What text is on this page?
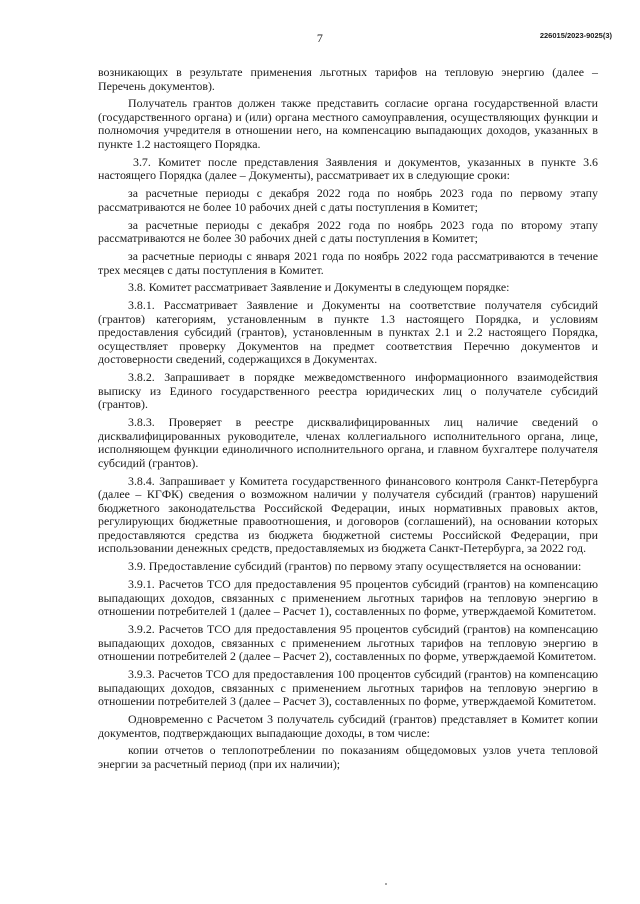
7	226015/2023-9025(3)

возникающих в результате применения льготных тарифов на тепловую энергию (далее – Перечень документов).

Получатель грантов должен также представить согласие органа государственной власти (государственного органа) и (или) органа местного самоуправления, осуществляющих функции и полномочия учредителя в отношении него, на компенсацию выпадающих доходов, указанных в пункте 1.2 настоящего Порядка.

3.7. Комитет после представления Заявления и документов, указанных в пункте 3.6 настоящего Порядка (далее – Документы), рассматривает их в следующие сроки:

за расчетные периоды с декабря 2022 года по ноябрь 2023 года по первому этапу рассматриваются не более 10 рабочих дней с даты поступления в Комитет;

за расчетные периоды с декабря 2022 года по ноябрь 2023 года по второму этапу рассматриваются не более 30 рабочих дней с даты поступления в Комитет;

за расчетные периоды с января 2021 года по ноябрь 2022 года рассматриваются в течение трех месяцев с даты поступления в Комитет.

3.8. Комитет рассматривает Заявление и Документы в следующем порядке:

3.8.1. Рассматривает Заявление и Документы на соответствие получателя субсидий (грантов) категориям, установленным в пункте 1.3 настоящего Порядка, и условиям предоставления субсидий (грантов), установленным в пунктах 2.1 и 2.2 настоящего Порядка, осуществляет проверку Документов на предмет соответствия Перечню документов и достоверности сведений, содержащихся в Документах.

3.8.2. Запрашивает в порядке межведомственного информационного взаимодействия выписку из Единого государственного реестра юридических лиц о получателе субсидий (грантов).

3.8.3. Проверяет в реестре дисквалифицированных лиц наличие сведений о дисквалифицированных руководителе, членах коллегиального исполнительного органа, лице, исполняющем функции единоличного исполнительного органа, и главном бухгалтере получателя субсидий (грантов).

3.8.4. Запрашивает у Комитета государственного финансового контроля Санкт-Петербурга (далее – КГФК) сведения о возможном наличии у получателя субсидий (грантов) нарушений бюджетного законодательства Российской Федерации, иных нормативных правовых актов, регулирующих бюджетные правоотношения, и договоров (соглашений), на основании которых предоставляются средства из бюджета бюджетной системы Российской Федерации, при использовании денежных средств, предоставляемых из бюджета Санкт-Петербурга, за 2022 год.

3.9. Предоставление субсидий (грантов) по первому этапу осуществляется на основании:

3.9.1. Расчетов ТСО для предоставления 95 процентов субсидий (грантов) на компенсацию выпадающих доходов, связанных с применением льготных тарифов на тепловую энергию в отношении потребителей 1 (далее – Расчет 1), составленных по форме, утверждаемой Комитетом.

3.9.2. Расчетов ТСО для предоставления 95 процентов субсидий (грантов) на компенсацию выпадающих доходов, связанных с применением льготных тарифов на тепловую энергию в отношении потребителей 2 (далее – Расчет 2), составленных по форме, утверждаемой Комитетом.

3.9.3. Расчетов ТСО для предоставления 100 процентов субсидий (грантов) на компенсацию выпадающих доходов, связанных с применением льготных тарифов на тепловую энергию в отношении потребителей 3 (далее – Расчет 3), составленных по форме, утверждаемой Комитетом.

Одновременно с Расчетом 3 получатель субсидий (грантов) представляет в Комитет копии документов, подтверждающих выпадающие доходы, в том числе:

копии отчетов о теплопотреблении по показаниям общедомовых узлов учета тепловой энергии за расчетный период (при их наличии);
